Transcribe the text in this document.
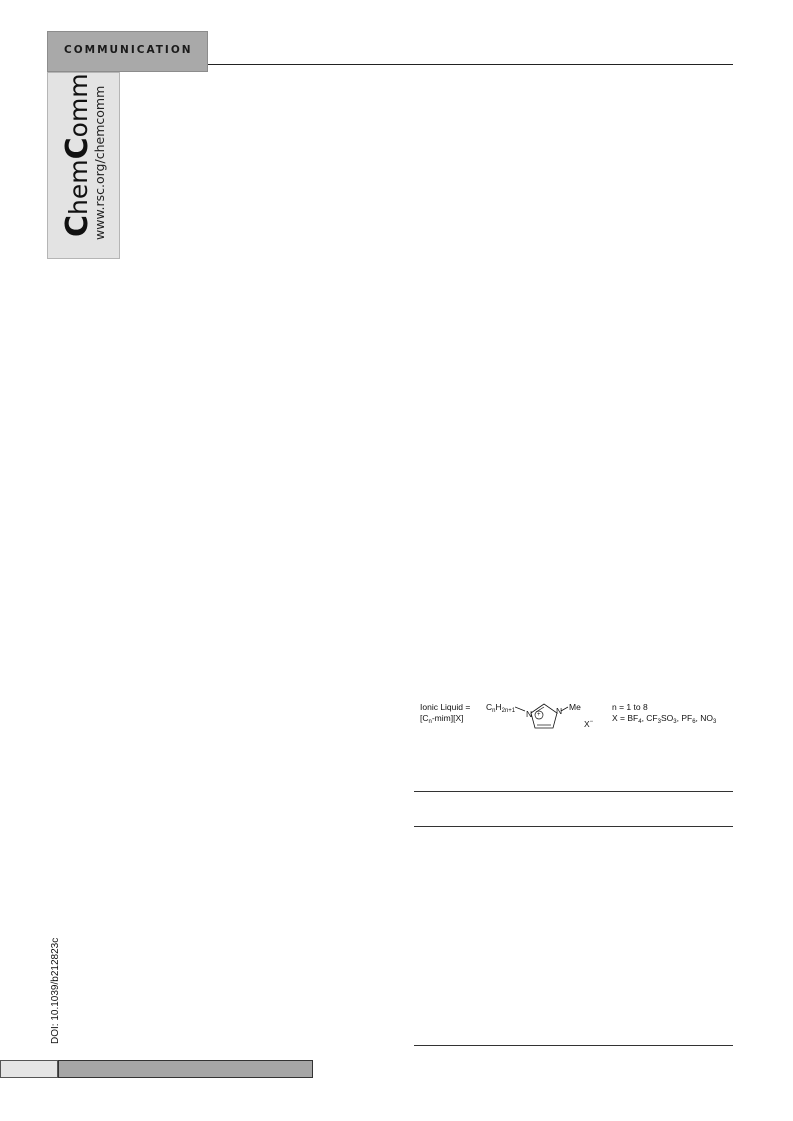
COMMUNICATION
ChemComm www.rsc.org/chemcomm
DOI: 10.1039/b212823c
Ionic Liquid =
$[C_n-mim][X]$
$C_nH_{2n+1}$ N	N
+
Me
X−
n = 1 to 8
$X = BF_4$, $CF_3SO_3$, $PF_6$, $NO_3$
